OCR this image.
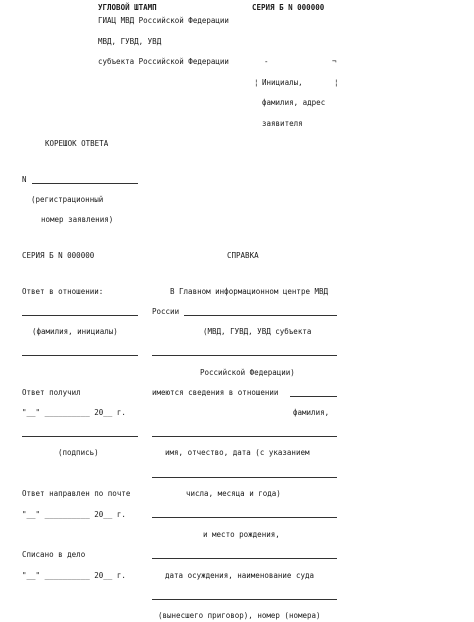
УГЛОВОЙ ШТАМП	СЕРИЯ Б N 000000
ГИАЦ МВД Российской Федерации
МВД, ГУВД, УВД
субъекта Российской Федерации	-	¬
¦	¦
Инициалы,
фамилия, адрес
заявителя
КОРЕШОК ОТВЕТА
N
(регистрационный
номер заявления)
СЕРИЯ Б N 000000
Ответ в отношении:
(фамилия, инициалы)
Ответ получил
"__" __________ 20__ г.
(подпись)
Ответ направлен по почте
"__" __________ 20__ г.
Списано в дело
"__" __________ 20__ г.
СПРАВКА
В Главном информационном центре МВД
России
(МВД, ГУВД, УВД субъекта
Российской Федерации)
имеются сведения в отношении
фамилия,
имя, отчество, дата (с указанием
числа, месяца и года)
и место рождения,
дата осуждения, наименование суда
(вынесшего приговор), номер (номера)
